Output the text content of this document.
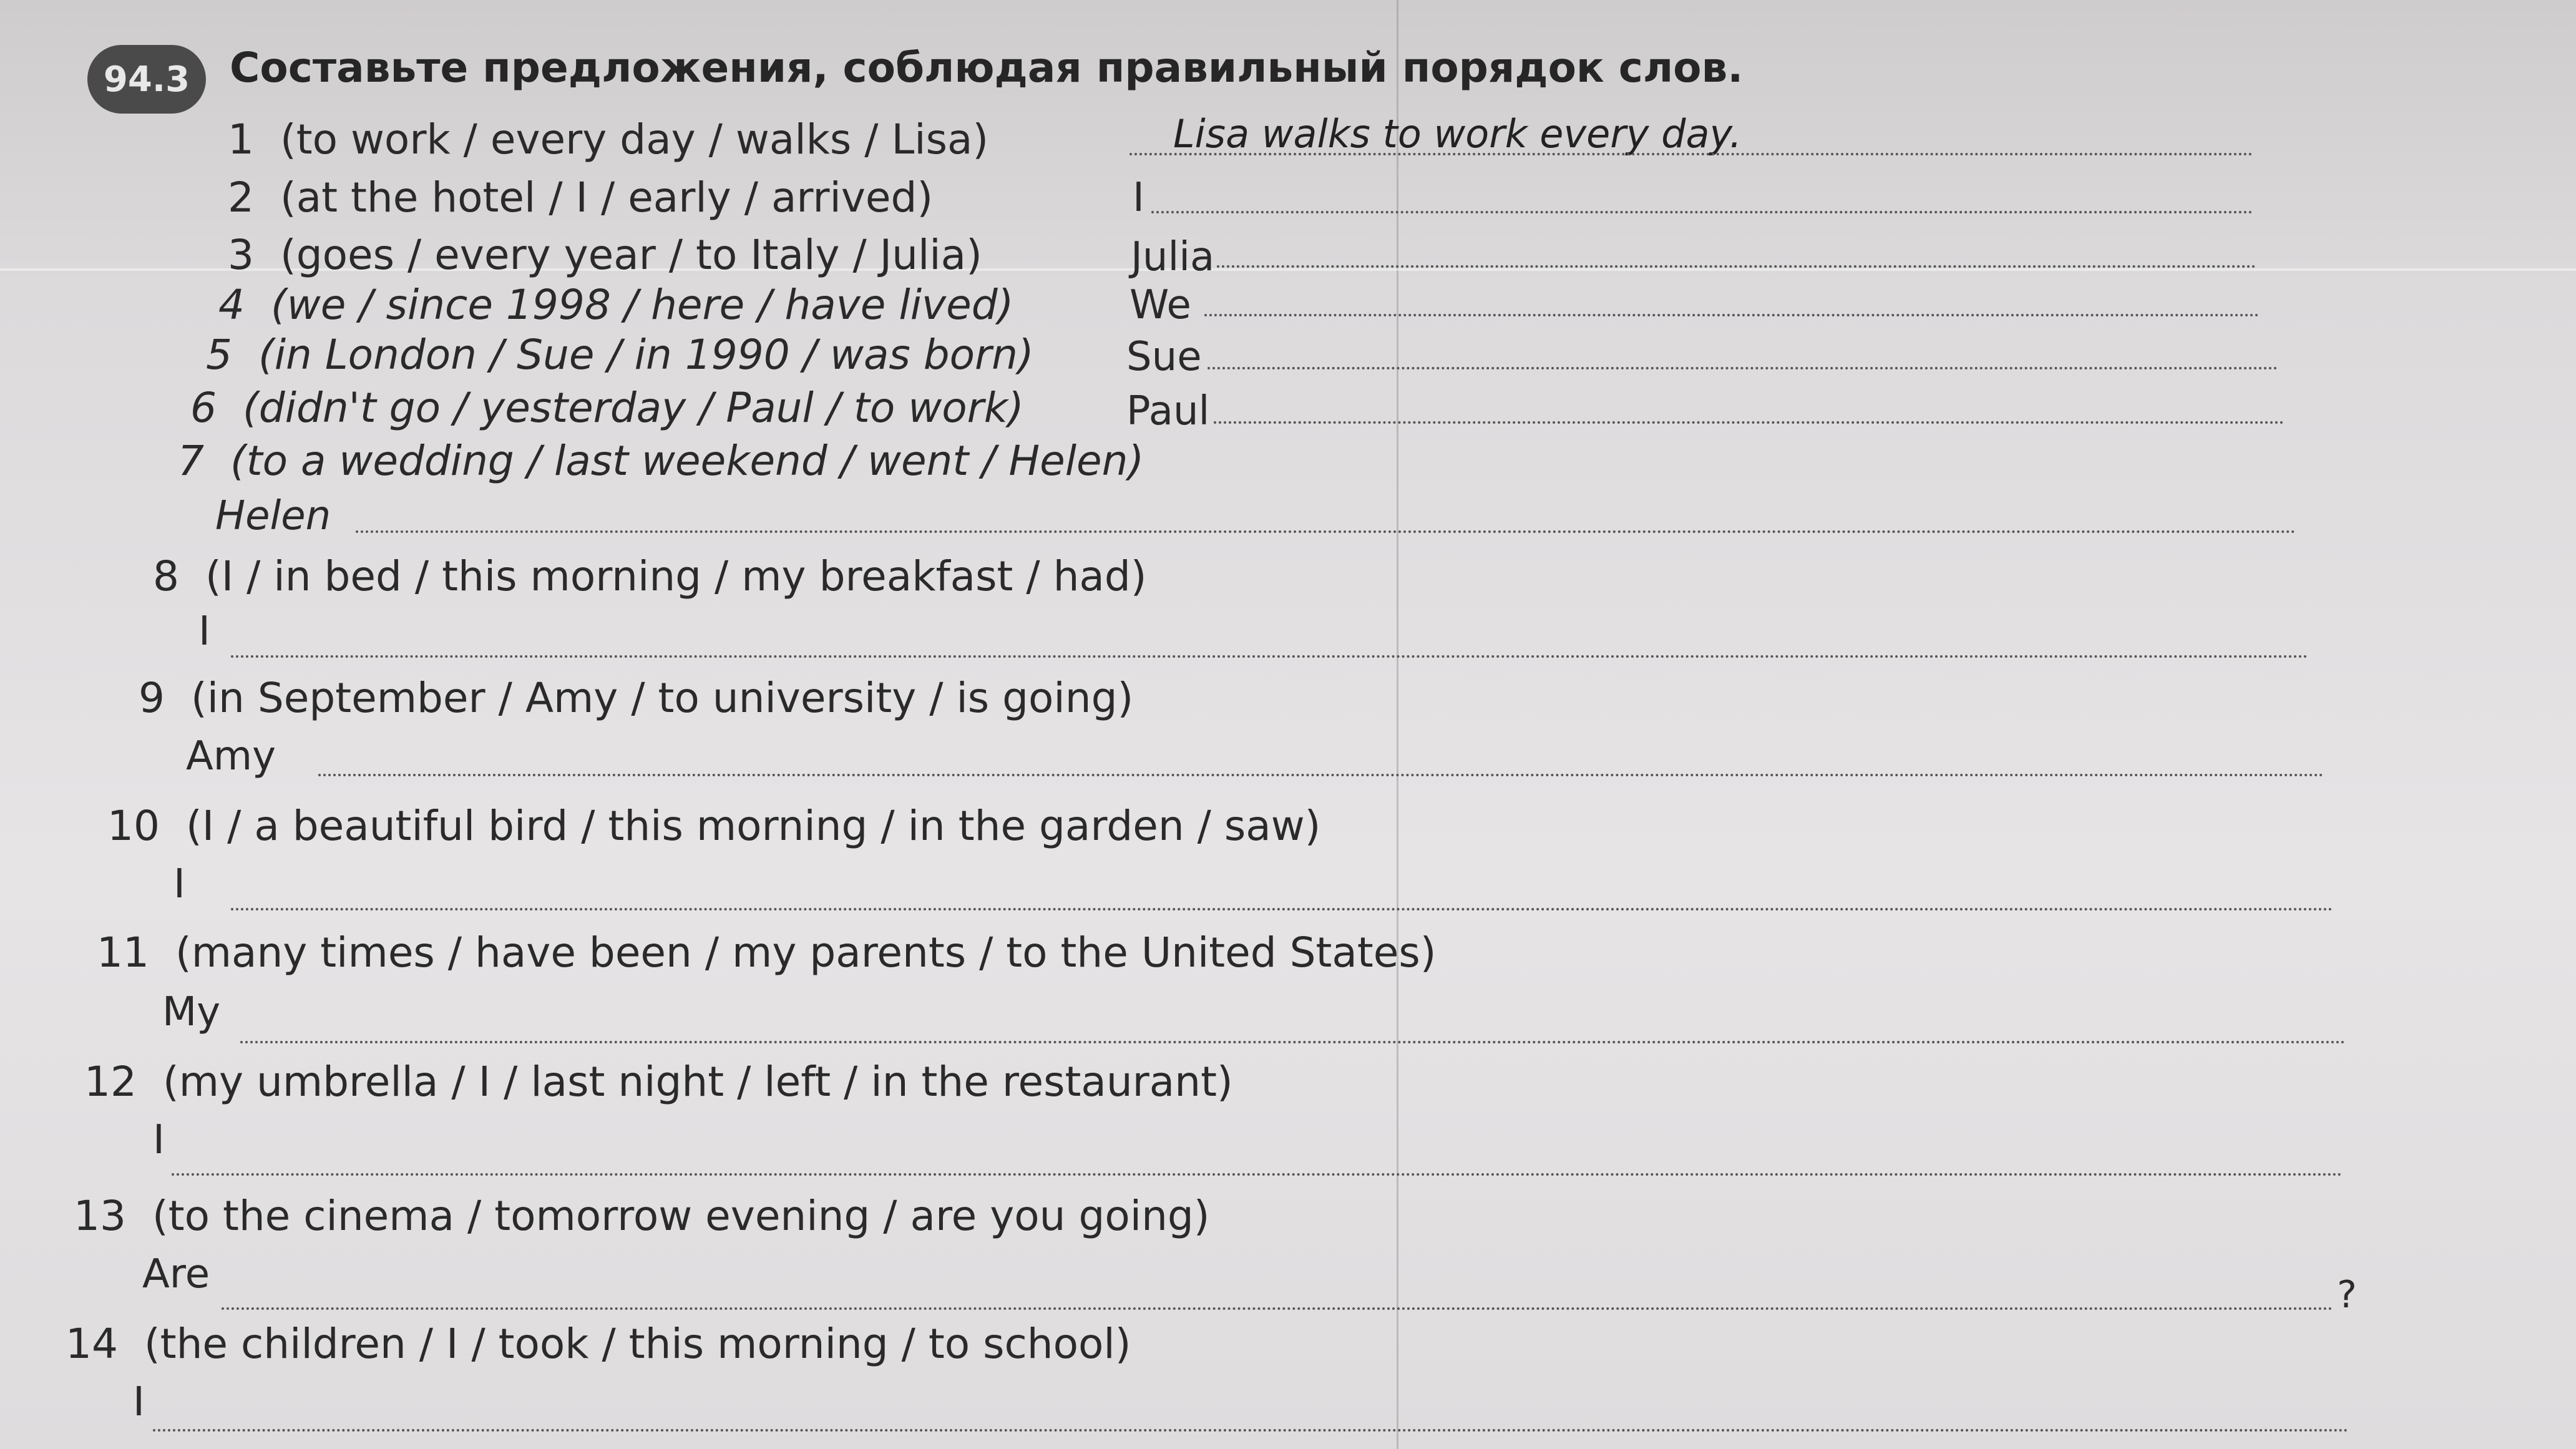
94.3 Составьте предложения, соблюдая правильный порядок слов.
1 (to work / every day / walks / Lisa)	Lisa walks to work every day.
2 (at the hotel / I / early / arrived)	I
3 (goes / every year / to Italy / Julia)	Julia
4 (we / since 1998 / here / have lived)	We
5 (in London / Sue / in 1990 / was born) Sue
6 (didn't go / yesterday / Paul / to work)	Paul
7 (to a wedding / last weekend / went / Helen)
Helen
8 (I / in bed / this morning / my breakfast / had)
I
9 (in September / Amy / to university / is going)
Amy
10 (I / a beautiful bird / this morning / in the garden / saw)
I
11 (many times / have been / my parents / to the United States)
My
12 (my umbrella / I / last night / left / in the restaurant)
I
13 (to the cinema / tomorrow evening / are you going)
Are	?
14 (the children / I / took / this morning / to school)
I
